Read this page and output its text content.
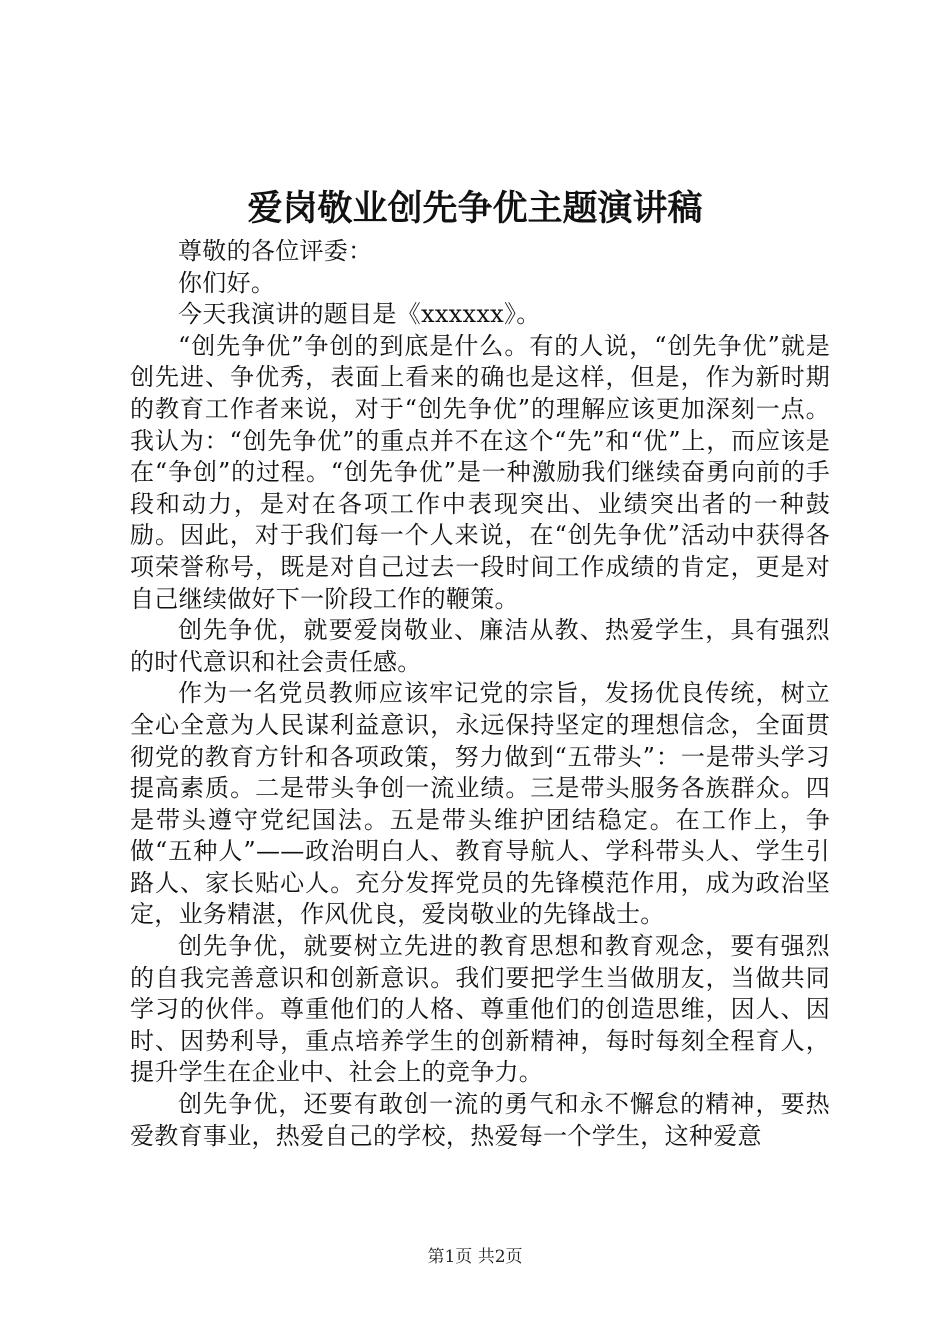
爱岗敬业创先争优主题演讲稿

尊敬的各位评委：

你们好。

今天我演讲的题目是《xxxxxx》。

“创先争优”争创的到底是什么。有的人说，“创先争优”就是创先进、争优秀，表面上看来的确也是这样，但是，作为新时期的教育工作者来说，对于“创先争优”的理解应该更加深刻一点。我认为：“创先争优”的重点并不在这个“先”和“优”上，而应该是在“争创”的过程。“创先争优”是一种激励我们继续奋勇向前的手段和动力，是对在各项工作中表现突出、业绩突出者的一种鼓励。因此，对于我们每一个人来说，在“创先争优”活动中获得各项荣誉称号，既是对自己过去一段时间工作成绩的肯定，更是对自己继续做好下一阶段工作的鞭策。

创先争优，就要爱岗敬业、廉洁从教、热爱学生，具有强烈的时代意识和社会责任感。

作为一名党员教师应该牢记党的宗旨，发扬优良传统，树立全心全意为人民谋利益意识，永远保持坚定的理想信念，全面贯彻党的教育方针和各项政策，努力做到“五带头”：一是带头学习提高素质。二是带头争创一流业绩。三是带头服务各族群众。四是带头遵守党纪国法。五是带头维护团结稳定。在工作上，争做“五种人”——政治明白人、教育导航人、学科带头人、学生引路人、家长贴心人。充分发挥党员的先锋模范作用，成为政治坚定，业务精湛，作风优良，爱岗敬业的先锋战士。

创先争优，就要树立先进的教育思想和教育观念，要有强烈的自我完善意识和创新意识。我们要把学生当做朋友，当做共同学习的伙伴。尊重他们的人格、尊重他们的创造思维，因人、因时、因势利导，重点培养学生的创新精神，每时每刻全程育人，提升学生在企业中、社会上的竞争力。

创先争优，还要有敢创一流的勇气和永不懈怠的精神，要热爱教育事业，热爱自己的学校，热爱每一个学生，这种爱意

第1页 共2页
